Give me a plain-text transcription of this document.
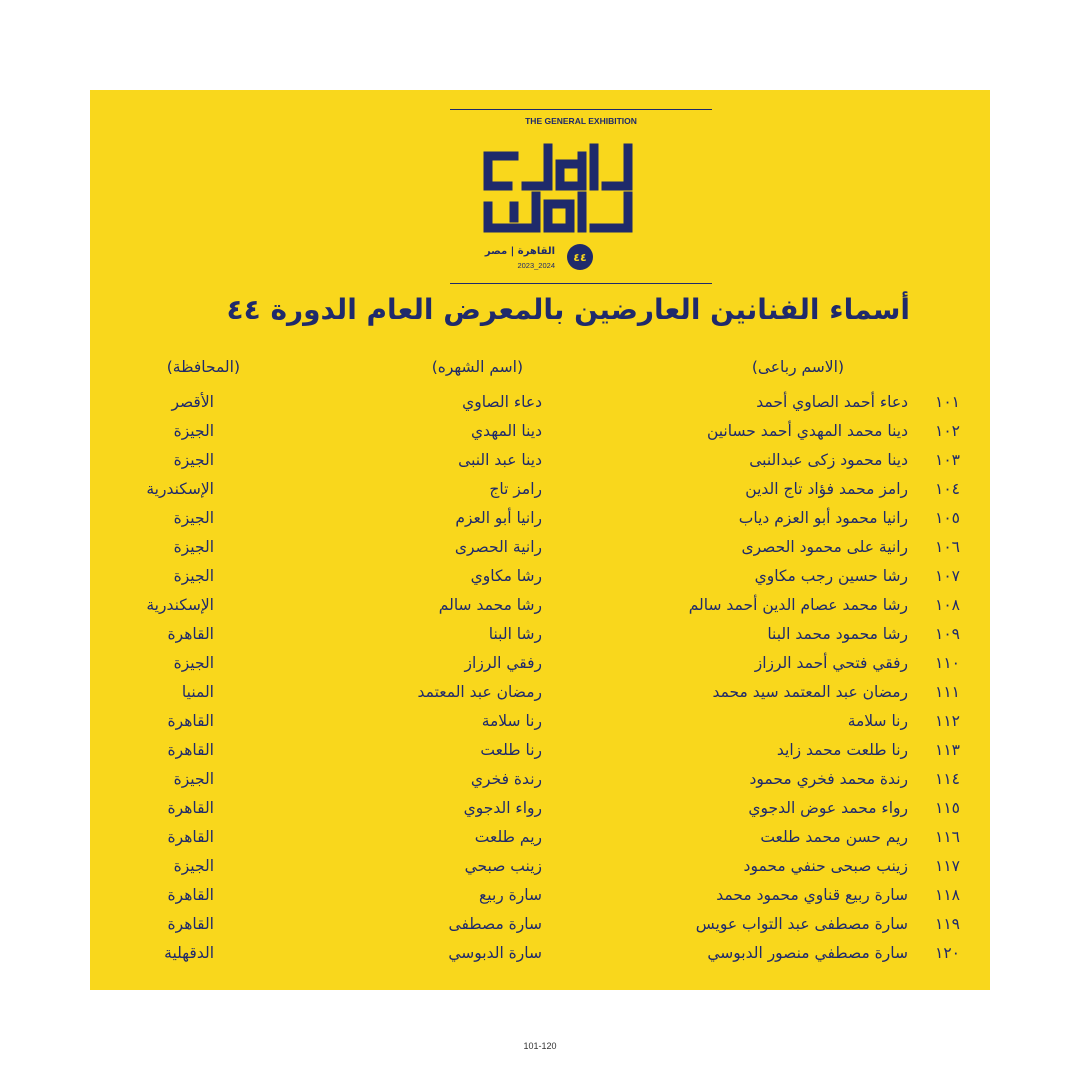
THE GENERAL EXHIBITION
٤٤
القاهرة | مصر
2023_2024
أسماء الفنانين العارضين بالمعرض العام الدورة ٤٤
(الاسم رباعى)
(اسم الشهره)
(المحافظة)
١٠١
دعاء أحمد الصاوي أحمد
دعاء الصاوي
الأقصر
١٠٢
دينا محمد المهدي أحمد حسانين
دينا المهدي
الجيزة
١٠٣
دينا محمود زكى عبدالنبى
دينا عبد النبى
الجيزة
١٠٤
رامز محمد فؤاد تاج الدين
رامز تاج
الإسكندرية
١٠٥
رانيا محمود أبو العزم دياب
رانيا أبو العزم
الجيزة
١٠٦
رانية على محمود الحصرى
رانية الحصرى
الجيزة
١٠٧
رشا حسين رجب مكاوي
رشا مكاوي
الجيزة
١٠٨
رشا محمد عصام الدين أحمد سالم
رشا محمد سالم
الإسكندرية
١٠٩
رشا محمود محمد البنا
رشا البنا
القاهرة
١١٠
رفقي فتحي أحمد الرزاز
رفقي الرزاز
الجيزة
١١١
رمضان عبد المعتمد سيد محمد
رمضان عبد المعتمد
المنيا
١١٢
رنا سلامة
رنا سلامة
القاهرة
١١٣
رنا طلعت محمد زايد
رنا طلعت
القاهرة
١١٤
رندة محمد فخري محمود
رندة فخري
الجيزة
١١٥
رواء محمد عوض الدجوي
رواء الدجوي
القاهرة
١١٦
ريم حسن محمد طلعت
ريم طلعت
القاهرة
١١٧
زينب صبحى حنفي محمود
زينب صبحي
الجيزة
١١٨
سارة ربيع قناوي محمود محمد
سارة ربيع
القاهرة
١١٩
سارة مصطفى عبد التواب عويس
سارة مصطفى
القاهرة
١٢٠
سارة مصطفي منصور الدبوسي
سارة الدبوسي
الدقهلية
101-120
